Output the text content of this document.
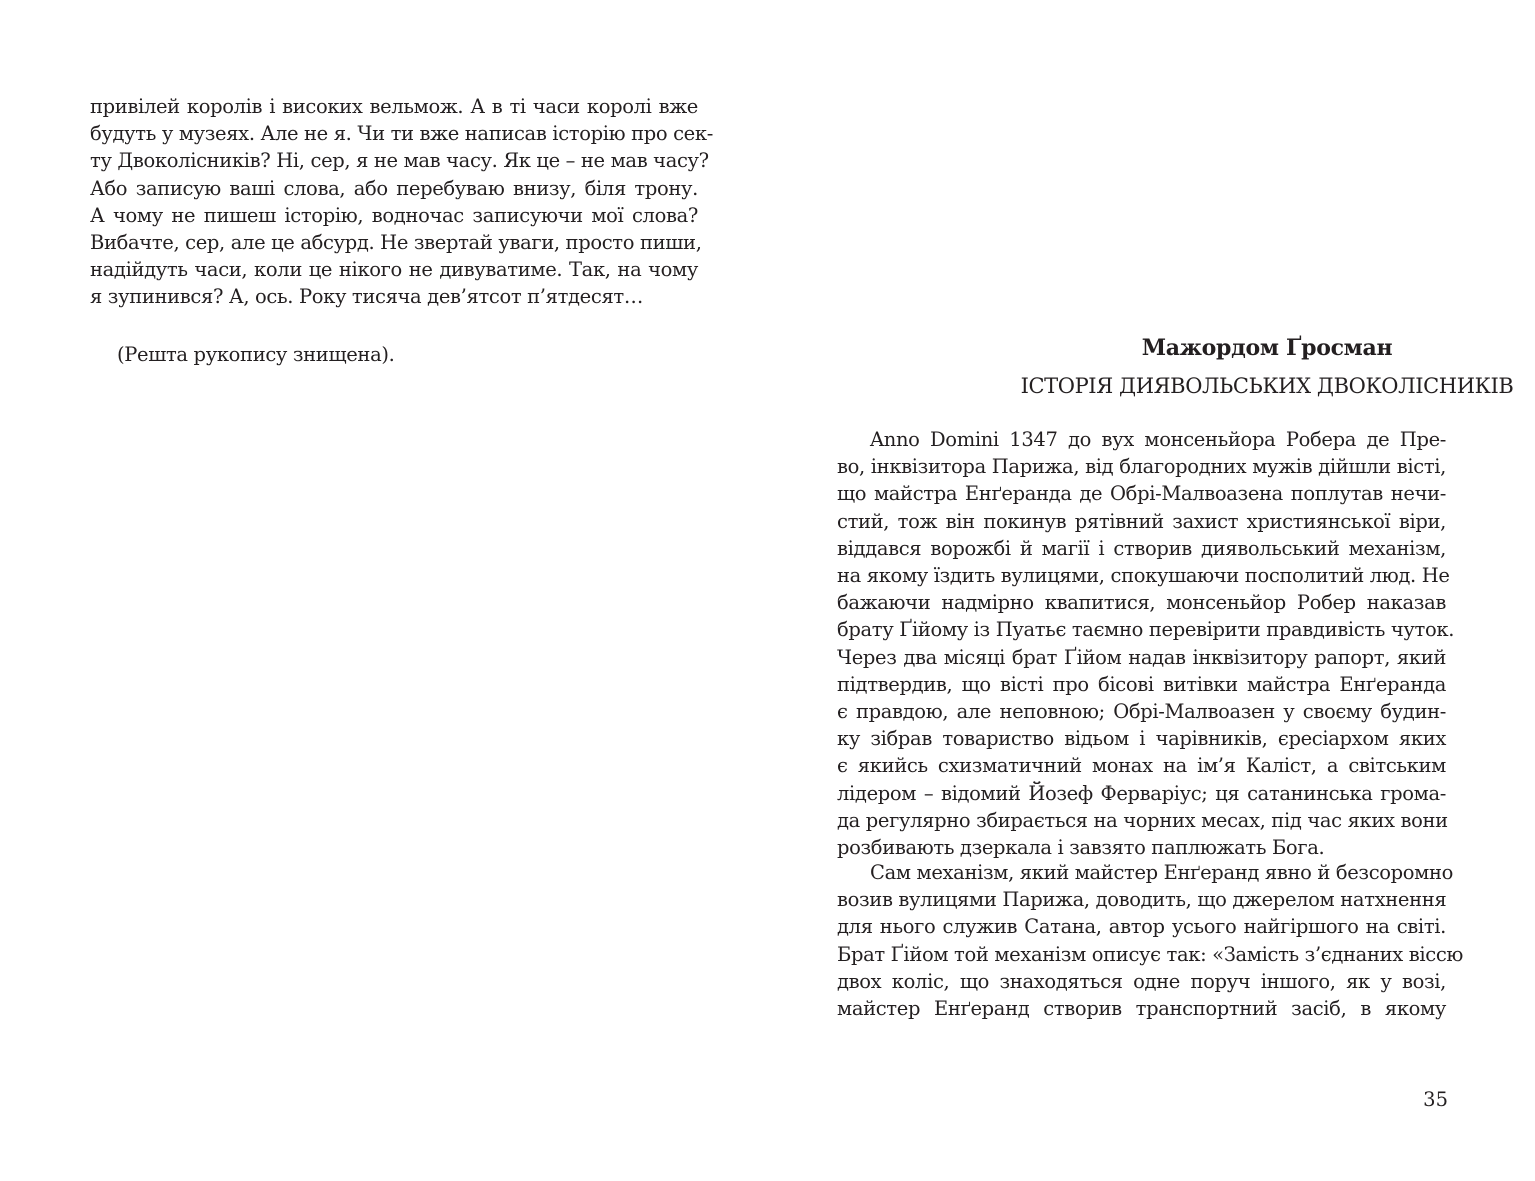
привілей королів і високих вельмож. А в ті часи королі вже
будуть у музеях. Але не я. Чи ти вже написав історію про сек-
ту Двоколісників? Ні, сер, я не мав часу. Як це – не мав часу?
Або записую ваші слова, або перебуваю внизу, біля трону.
А чому не пишеш історію, водночас записуючи мої слова?
Вибачте, сер, але це абсурд. Не звертай уваги, просто пиши,
надійдуть часи, коли це нікого не дивуватиме. Так, на чому
я зупинився? А, ось. Року тисяча дев’ятсот п’ятдесят…
(Решта рукопису знищена).	Мажордом Ґросман
ІСТОРІЯ ДИЯВОЛЬСЬКИХ ДВОКОЛІСНИКІВ
Anno Domini 1347 до вух монсеньйора Робера де Пре-
во, інквізитора Парижа, від благородних мужів дійшли вісті,
що майстра Енґеранда де Обрі-Малвоазена поплутав нечи-
стий, тож він покинув рятівний захист християнської віри,
віддався ворожбі й магії і створив диявольський механізм,
на якому їздить вулицями, спокушаючи посполитий люд. Не
бажаючи надмірно квапитися, монсеньйор Робер наказав
брату Ґійому із Пуатьє таємно перевірити правдивість чуток.
Через два місяці брат Ґійом надав інквізитору рапорт, який
підтвердив, що вісті про бісові витівки майстра Енґеранда
є правдою, але неповною; Обрі-Малвоазен у своєму будин-
ку зібрав товариство відьом і чарівників, єресіархом яких
є якийсь схизматичний монах на ім’я Каліст, а світським
лідером – відомий Йозеф Ферваріус; ця сатанинська грома-
да регулярно збирається на чорних месах, під час яких вони
розбивають дзеркала і завзято паплюжать Бога.
Сам механізм, який майстер Енґеранд явно й безсоромно
возив вулицями Парижа, доводить, що джерелом натхнення
для нього служив Сатана, автор усього найгіршого на світі.
Брат Ґійом той механізм описує так: «Замість з’єднаних віссю
двох коліс, що знаходяться одне поруч іншого, як у возі,
майстер Енґеранд створив транспортний засіб, в якому
35
